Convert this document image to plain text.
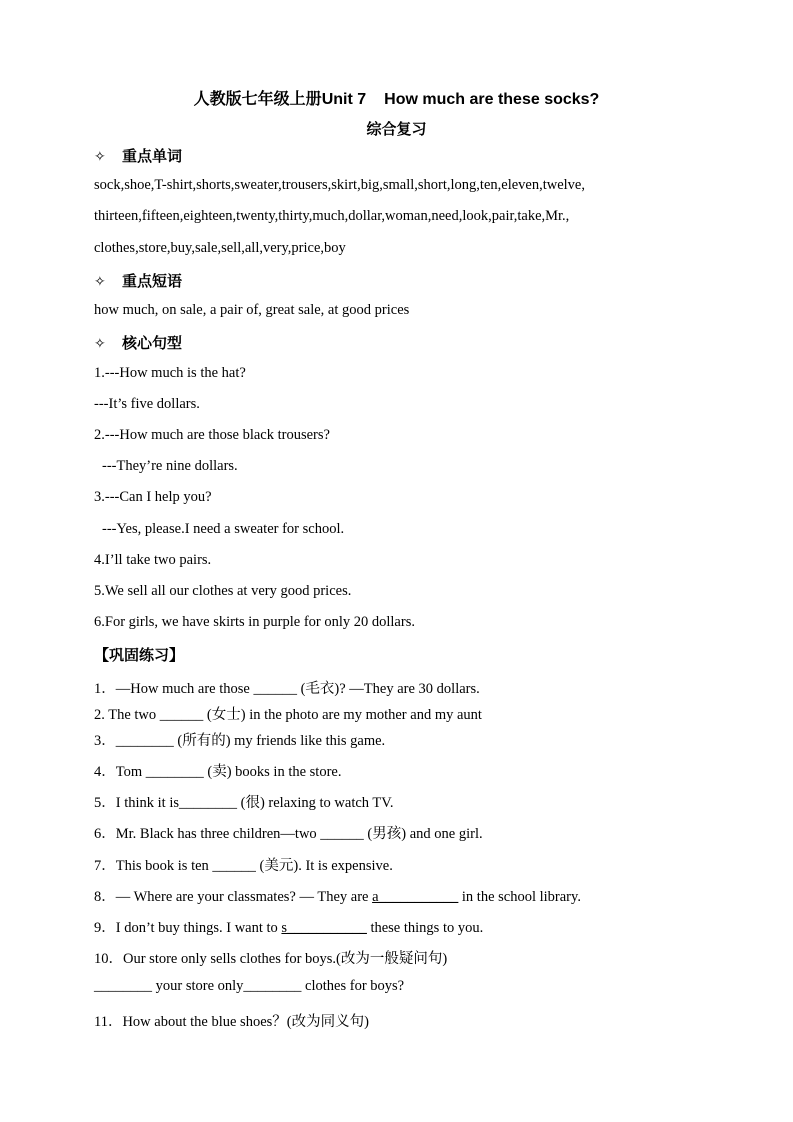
人教版七年级上册Unit 7 How much are these socks?
综合复习
✧ 重点单词
sock,shoe,T-shirt,shorts,sweater,trousers,skirt,big,small,short,long,ten,eleven,twelve,
thirteen,fifteen,eighteen,twenty,thirty,much,dollar,woman,need,look,pair,take,Mr.,
clothes,store,buy,sale,sell,all,very,price,boy
✧ 重点短语
how much, on sale, a pair of, great sale, at good prices
✧ 核心句型
1.---How much is the hat?
---It’s five dollars.
2.---How much are those black trousers?
---They’re nine dollars.
3.---Can I help you?
---Yes, please.I need a sweater for school.
4.I’ll take two pairs.
5.We sell all our clothes at very good prices.
6.For girls, we have skirts in purple for only 20 dollars.
【巩固练习】
1．—How much are those ______ (毛衣)? —They are 30 dollars.
2. The two ______ (女士) in the photo are my mother and my aunt
3．________ (所有的) my friends like this game.
4．Tom ________ (卖) books in the store.
5．I think it is________ (很) relaxing to watch TV.
6．Mr. Black has three children—two ______ (男孩) and one girl.
7．This book is ten ______ (美元). It is expensive.
8．— Where are your classmates? — They are a___________ in the school library.
9．I don’t buy things. I want to s___________ these things to you.
10．Our store only sells clothes for boys.(改为一般疑问句)
________ your store only________ clothes for boys?
11．How about the blue shoes？(改为同义句)
